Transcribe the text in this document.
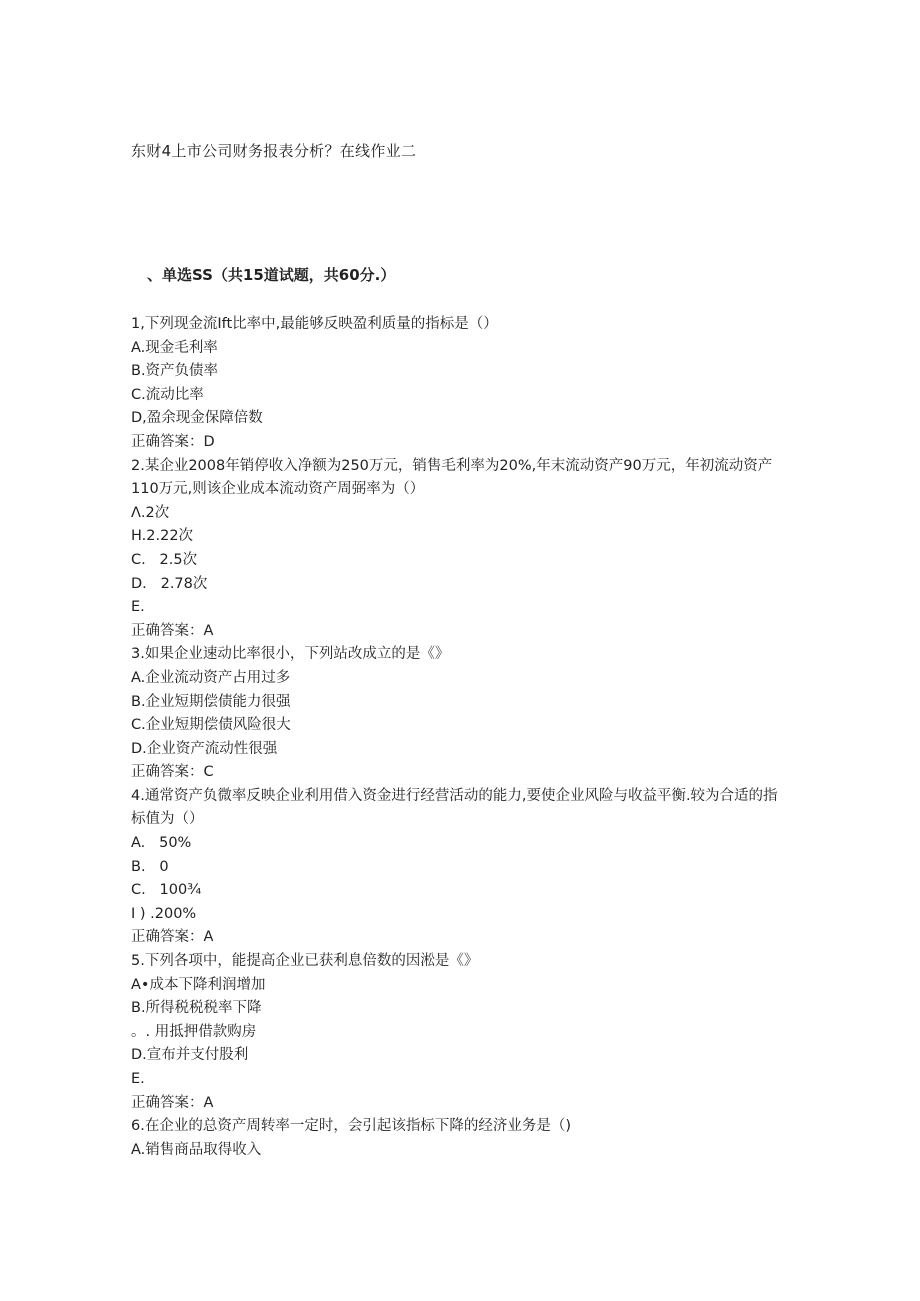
东财4上市公司财务报表分析？在线作业二
、单选SS（共15道试题，共60分.）
1,下列现金流Ift比率中,最能够反映盈利质量的指标是（）
A.现金毛利率
B.资产负债率
C.流动比率
D,盈余现金保障倍数
正确答案：D
2.某企业2008年销停收入净额为250万元，销售毛利率为20%,年末流动资产90万元，年初流动资产110万元,则该企业成本流动资产周弼率为（）
Λ.2次
H.2.22次
C.   2.5次
D.   2.78次
E.
正确答案：A
3.如果企业速动比率很小，下列站改成立的是《》
A.企业流动资产占用过多
B.企业短期偿债能力很强
C.企业短期偿债风险很大
D.企业资产流动性很强
正确答案：C
4.通常资产负微率反映企业利用借入资金进行经营活动的能力,要使企业风险与收益平衡.较为合适的指标值为（）
A.   50%
B.   0
C.   100¾
I ) .200%
正确答案：A
5.下列各项中，能提高企业已获利息倍数的因淞是《》
A•成本下降利润增加
B.所得税税税率下降
。. 用抵押借款购房
D.宣布并支付股利
E.
正确答案：A
6.在企业的总资产周转率一定时，会引起该指标下降的经济业务是（)
A.销售商品取得收入
